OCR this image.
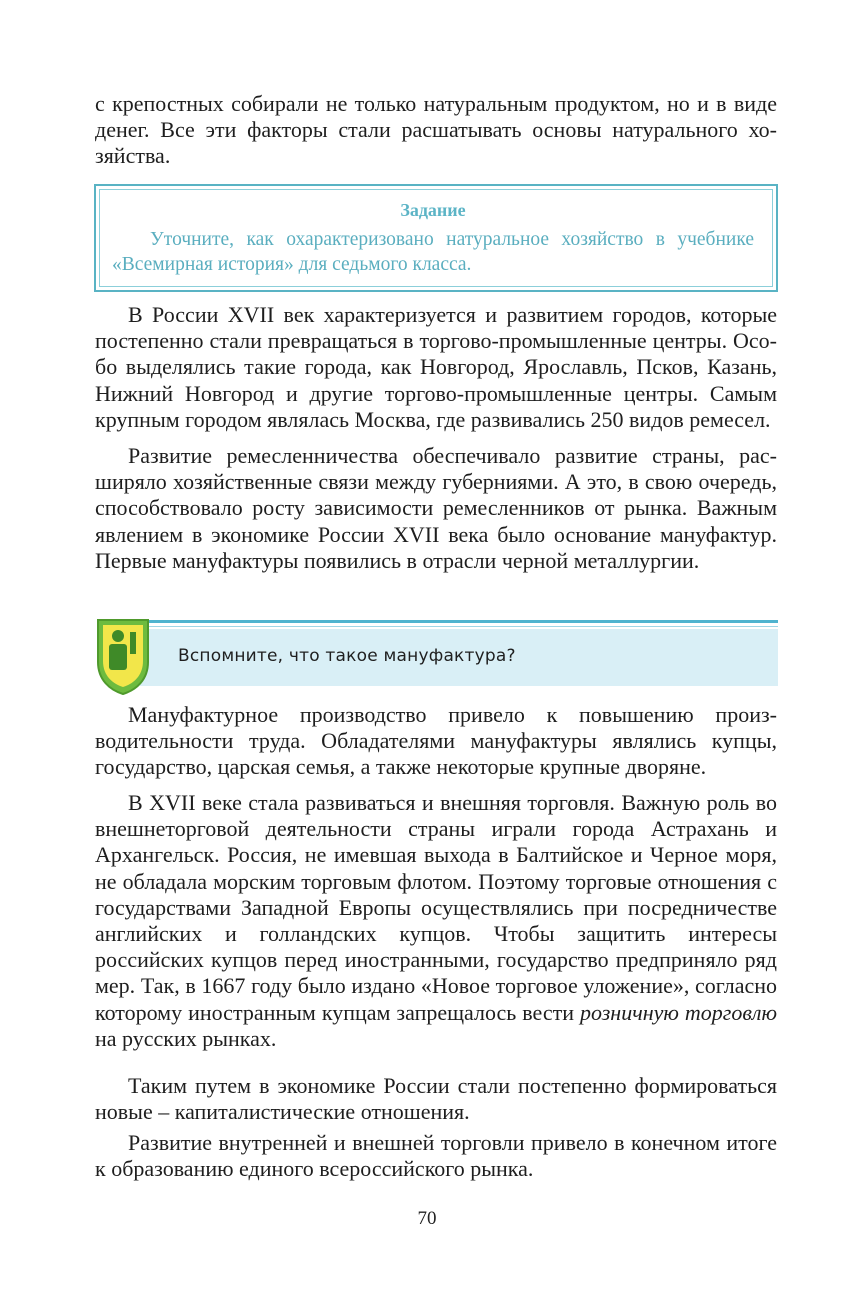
с крепостных собирали не только натуральным продуктом, но и в виде денег. Все эти факторы стали расшатывать основы натурального хозяйства.

Задание

Уточните, как охарактеризовано натуральное хозяйство в учебнике «Всемирная история» для седьмого класса.

В России XVII век характеризуется и развитием городов, которые постепенно стали превращаться в торгово-промышленные центры. Особо выделялись такие города, как Новгород, Ярославль, Псков, Казань, Нижний Новгород и другие торгово-промышленные центры. Самым крупным городом являлась Москва, где развивались 250 видов ремесел.

Развитие ремесленничества обеспечивало развитие страны, расширяло хозяйственные связи между губерниями. А это, в свою очередь, способствовало росту зависимости ремесленников от рынка. Важным явлением в экономике России XVII века было основание мануфактур. Первые мануфактуры появились в отрасли черной металлургии.

Вспомните, что такое мануфактура?

Мануфактурное производство привело к повышению производительности труда. Обладателями мануфактуры являлись купцы, государство, царская семья, а также некоторые крупные дворяне.

В XVII веке стала развиваться и внешняя торговля. Важную роль во внешнеторговой деятельности страны играли города Астрахань и Архангельск. Россия, не имевшая выхода в Балтийское и Черное моря, не обладала морским торговым флотом. Поэтому торговые отношения с государствами Западной Европы осуществлялись при посредничестве английских и голландских купцов. Чтобы защитить интересы российских купцов перед иностранными, государство предприняло ряд мер. Так, в 1667 году было издано «Новое торговое уложение», согласно которому иностранным купцам запрещалось вести розничную торговлю на русских рынках.

Таким путем в экономике России стали постепенно формироваться новые – капиталистические отношения.

Развитие внутренней и внешней торговли привело в конечном итоге к образованию единого всероссийского рынка.

70
